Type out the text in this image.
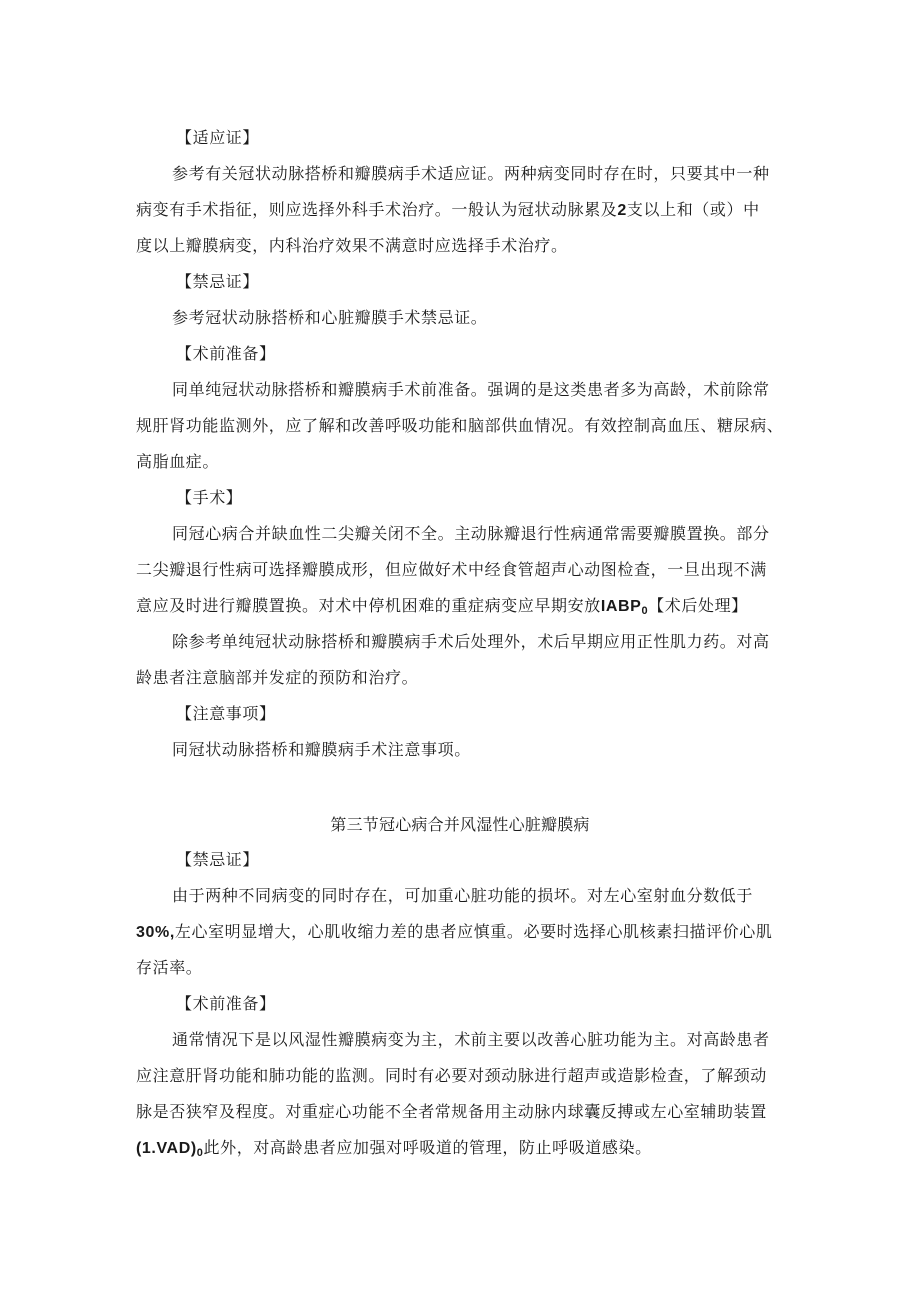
【适应证】
参考有关冠状动脉搭桥和瓣膜病手术适应证。两种病变同时存在时，只要其中一种
病变有手术指征，则应选择外科手术治疗。一般认为冠状动脉累及2支以上和（或）中
度以上瓣膜病变，内科治疗效果不满意时应选择手术治疗。
【禁忌证】
参考冠状动脉搭桥和心脏瓣膜手术禁忌证。
【术前准备】
同单纯冠状动脉搭桥和瓣膜病手术前准备。强调的是这类患者多为高龄，术前除常
规肝肾功能监测外，应了解和改善呼吸功能和脑部供血情况。有效控制高血压、糖尿病、
高脂血症。
【手术】
同冠心病合并缺血性二尖瓣关闭不全。主动脉瓣退行性病通常需要瓣膜置换。部分
二尖瓣退行性病可选择瓣膜成形，但应做好术中经食管超声心动图检查，一旦出现不满
意应及时进行瓣膜置换。对术中停机困难的重症病变应早期安放IABP0【术后处理】
除参考单纯冠状动脉搭桥和瓣膜病手术后处理外，术后早期应用正性肌力药。对高
龄患者注意脑部并发症的预防和治疗。
【注意事项】
同冠状动脉搭桥和瓣膜病手术注意事项。
第三节冠心病合并风湿性心脏瓣膜病
【禁忌证】
由于两种不同病变的同时存在，可加重心脏功能的损坏。对左心室射血分数低于
30%,左心室明显增大，心肌收缩力差的患者应慎重。必要时选择心肌核素扫描评价心肌
存活率。
【术前准备】
通常情况下是以风湿性瓣膜病变为主，术前主要以改善心脏功能为主。对高龄患者
应注意肝肾功能和肺功能的监测。同时有必要对颈动脉进行超声或造影检查，了解颈动
脉是否狭窄及程度。对重症心功能不全者常规备用主动脉内球囊反搏或左心室辅助装置
(1.VAD)0此外，对高龄患者应加强对呼吸道的管理，防止呼吸道感染。
